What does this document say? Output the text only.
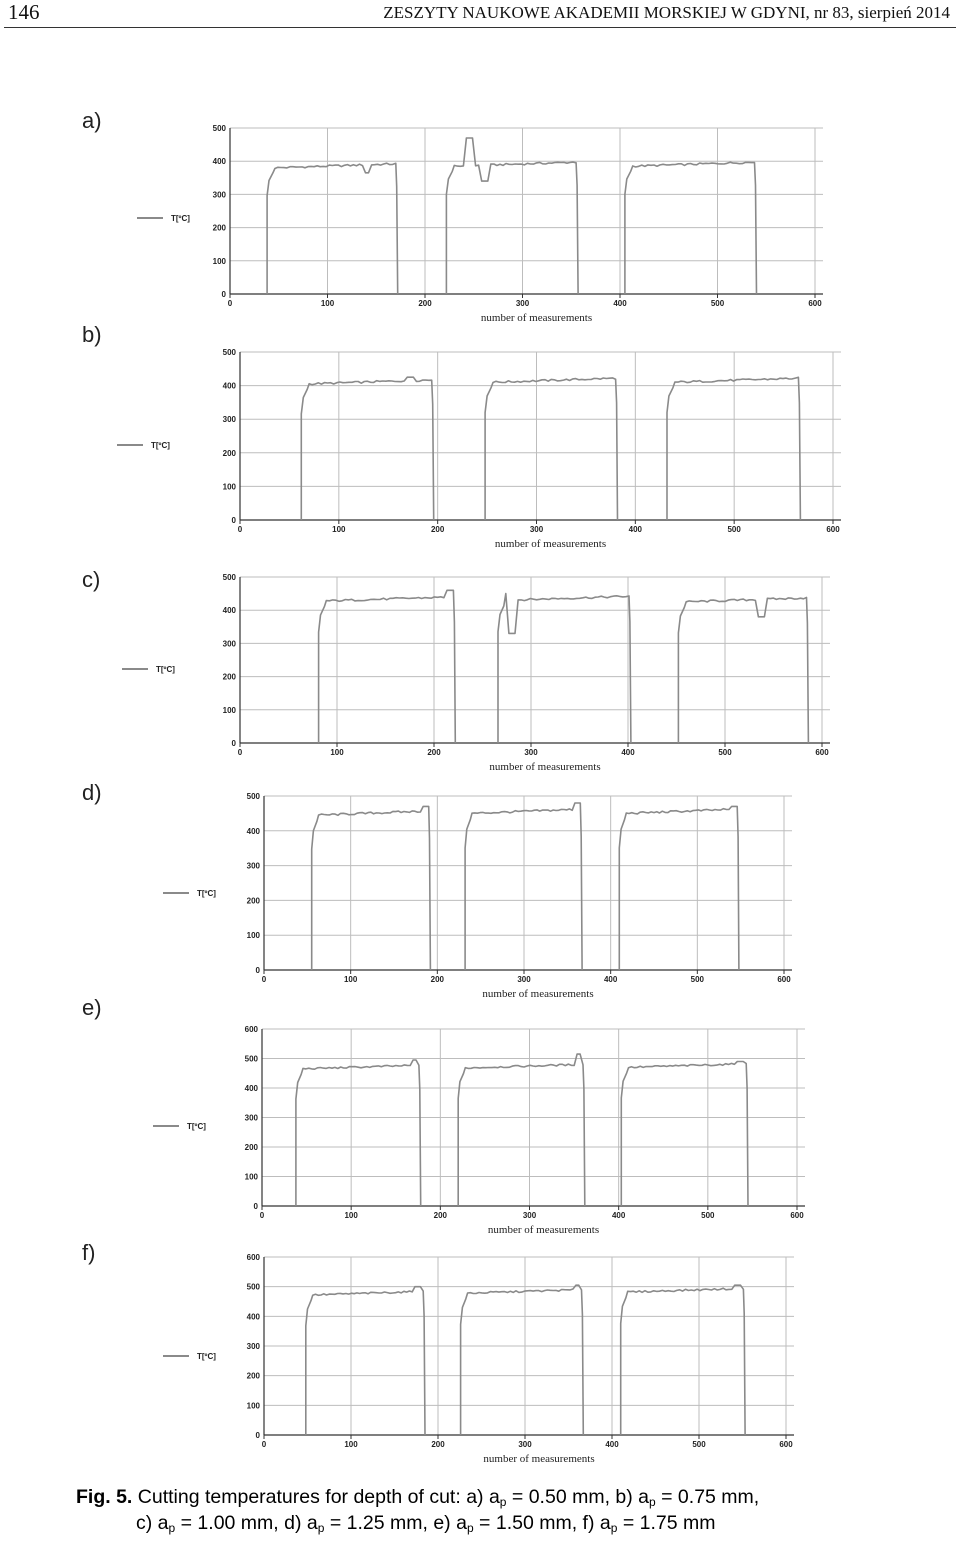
146	ZESZYTY NAUKOWE AKADEMII MORSKIEJ W GDYNI, nr 83, sierpień 2014
a)
b)
c)
d)
e)
f)
0
100
200
300
400
500
0	100	200	300	400	500	600
number of measurements
T[ºC]
0
100
200
300
400
500
0	100	200	300	400	500	600
number of measurements
T[ºC]
0
100
200
300
400
500
0	100	200	300	400	500	600
number of measurements
T[ºC]
0
100
200
300
400
500
0	100	200	300	400	500	600
number of measurements
T[ºC]
0
100
200
300
400
500
600
0	100	200	300	400	500	600
number of measurements
T[ºC]
0
100
200
300
400
500
600
0	100	200	300	400	500	600
number of measurements
T[ºC]
Fig. 5. Cutting temperatures for depth of cut: a) $a_p = 0.50$ mm, b) $a_p = 0.75$ mm,
c) $a_p = 1.00$ mm, d) $a_p = 1.25$ mm, e) $a_p = 1.50$ mm, f) $a_p = 1.75$ mm
